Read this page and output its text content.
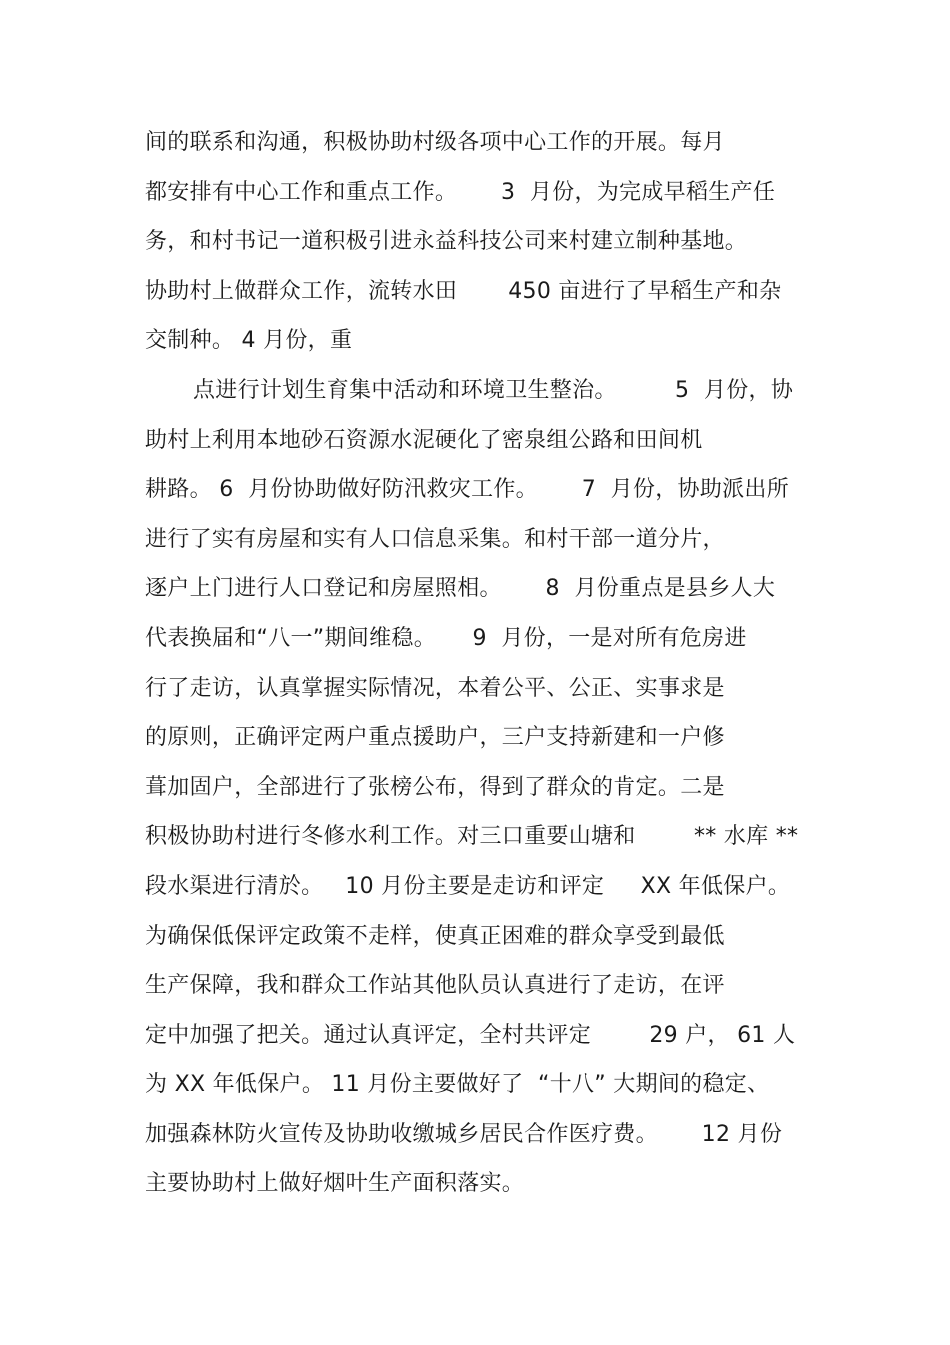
间的联系和沟通，积极协助村级各项中心工作的开展。每月
都安排有中心工作和重点工作。      3  月份，为完成早稻生产任
务，和村书记一道积极引进永益科技公司来村建立制种基地。
协助村上做群众工作，流转水田       450 亩进行了早稻生产和杂
交制种。 4 月份，重
点进行计划生育集中活动和环境卫生整治。        5  月份，协
助村上利用本地砂石资源水泥硬化了密泉组公路和田间机
耕路。 6  月份协助做好防汛救灾工作。      7  月份，协助派出所
进行了实有房屋和实有人口信息采集。和村干部一道分片，
逐户上门进行人口登记和房屋照相。      8  月份重点是县乡人大
代表换届和“八一”期间维稳。     9  月份，一是对所有危房进
行了走访，认真掌握实际情况，本着公平、公正、实事求是
的原则，正确评定两户重点援助户，三户支持新建和一户修
葺加固户，全部进行了张榜公布，得到了群众的肯定。二是
积极协助村进行冬修水利工作。对三口重要山塘和        ** 水库 **
段水渠进行清於。   10 月份主要是走访和评定     XX 年低保户。
为确保低保评定政策不走样，使真正困难的群众享受到最低
生产保障，我和群众工作站其他队员认真进行了走访，在评
定中加强了把关。通过认真评定，全村共评定        29 户， 61 人
为 XX 年低保户。 11 月份主要做好了  “十八” 大期间的稳定、
加强森林防火宣传及协助收缴城乡居民合作医疗费。      12 月份
主要协助村上做好烟叶生产面积落实。
